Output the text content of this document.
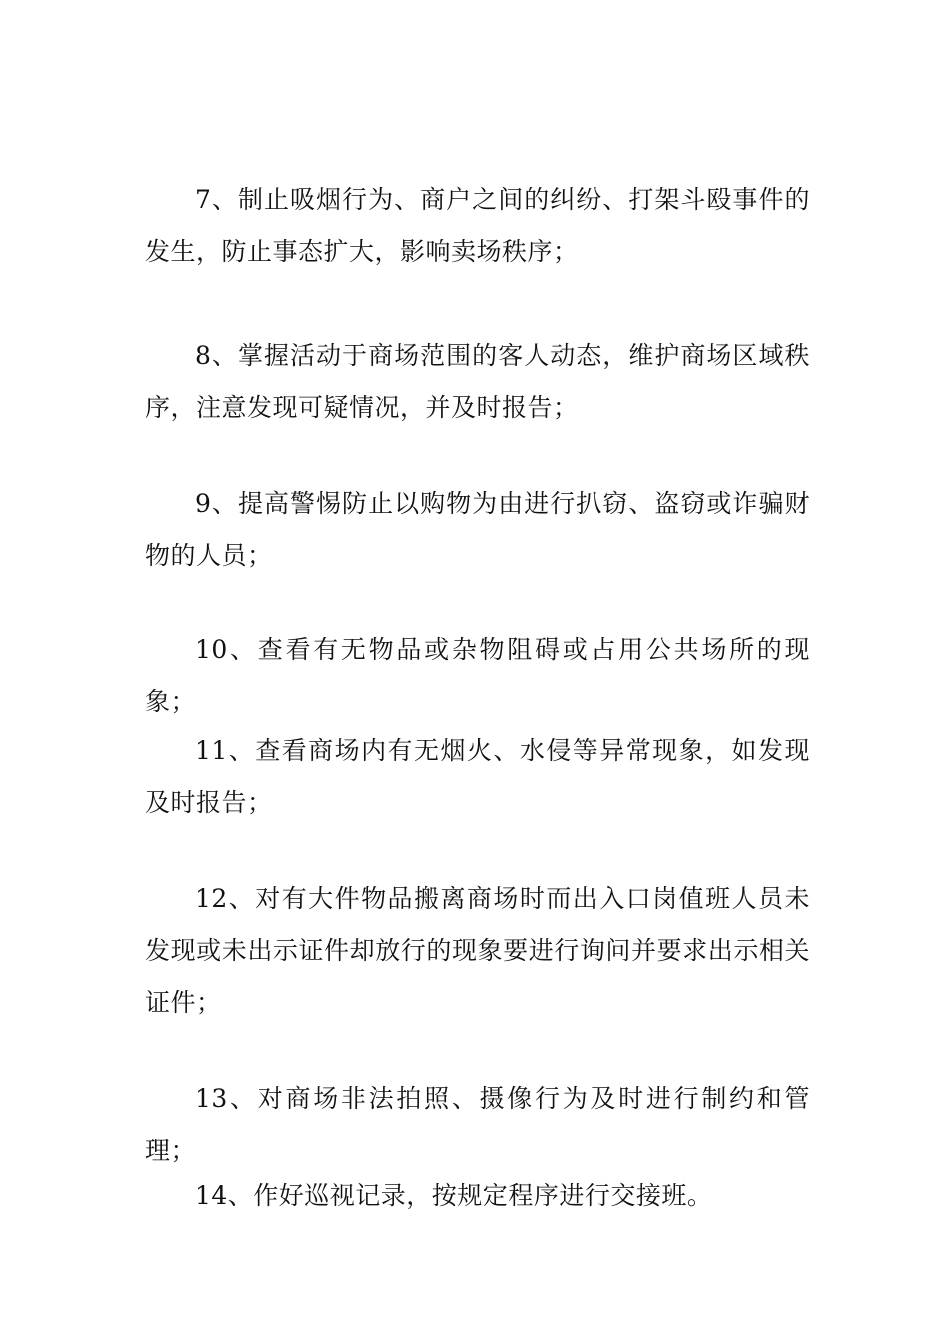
7、制止吸烟行为、商户之间的纠纷、打架斗殴事件的发生，防止事态扩大，影响卖场秩序；

8、掌握活动于商场范围的客人动态，维护商场区域秩序，注意发现可疑情况，并及时报告；

9、提高警惕防止以购物为由进行扒窃、盗窃或诈骗财物的人员；

10、查看有无物品或杂物阻碍或占用公共场所的现象；

11、查看商场内有无烟火、水侵等异常现象，如发现及时报告；

12、对有大件物品搬离商场时而出入口岗值班人员未发现或未出示证件却放行的现象要进行询问并要求出示相关证件；

13、对商场非法拍照、摄像行为及时进行制约和管理；

14、作好巡视记录，按规定程序进行交接班。
